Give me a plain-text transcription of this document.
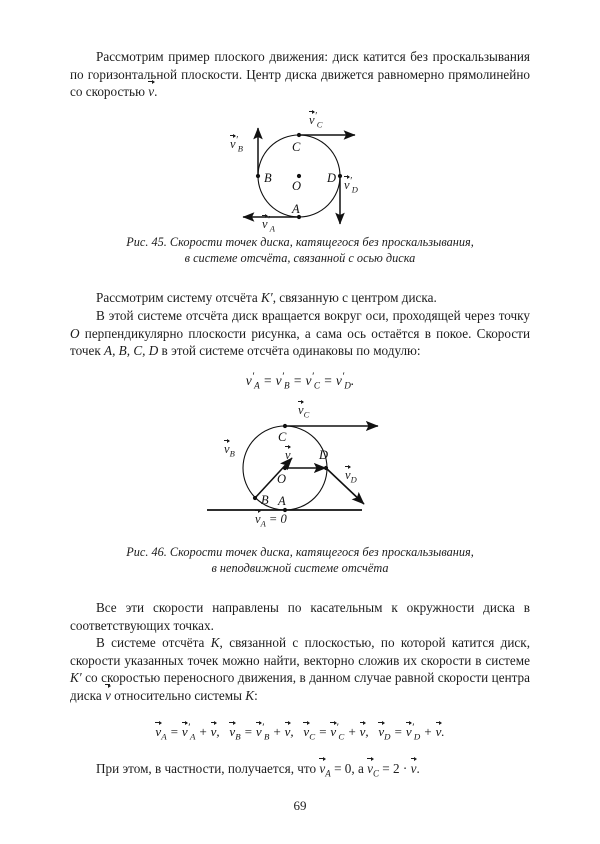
Рассмотрим пример плоского движения: диск катится без проскальзывания по горизонтальной плоскости. Центр диска движется равномерно прямолинейно со скоростью v.

O
C
A
B	D
$v'_C$
$v'_B$
$v'_D$
$v'_A$
Рис. 45. Скорости точек диска, катящегося без проскальзывания,
в системе отсчёта, связанной с осью диска

Рассмотрим систему отсчёта K′, связанную с центром диска.

В этой системе отсчёта диск вращается вокруг оси, проходящей через точку O перпендикулярно плоскости рисунка, а сама ось остаётся в покое. Скорости точек A, B, C, D в этой системе отсчёта одинаковы по модулю:

$v'_A = v'_B = v'_C = v'_D$.
O
C
A
B
D
$v_C$
$v_B$	v
$v_D$
$v_A = 0$
Рис. 46. Скорости точек диска, катящегося без проскальзывания,
в неподвижной системе отсчёта

Все эти скорости направлены по касательным к окружности диска в соответствующих точках.

В системе отсчёта K, связанной с плоскостью, по которой катится диск, скорости указанных точек можно найти, векторно сложив их скорости в системе K′ со скоростью переносного движения, в данном случае равной скорости центра диска v относительно системы K:

$v_A = v'_A + v$,   $v_B = v'_B + v$,   $v_C = v'_C + v$,   $v_D = v'_D + v$.

При этом, в частности, получается, что $v_A = 0$, а $v_C = 2 \cdot v$.

69
